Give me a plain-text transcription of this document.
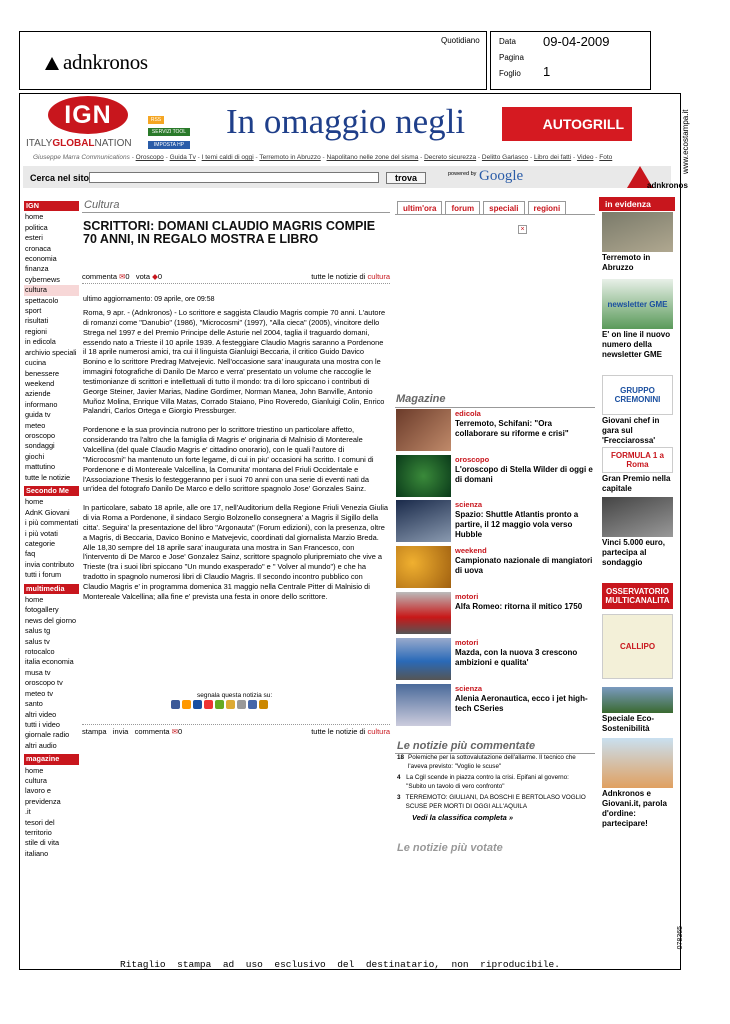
adnkronos
Quotidiano Data 09-04-2009
Pagina
Foglio 1
www.ecostampa.it
078365
Ritaglio stampa ad uso esclusivo del destinatario, non riproducibile.
IGN
ITALYGLOBALNATION
RSS
SERVIZI TOOL
IMPOSTA HP
In omaggio negli	AUTOGRILL
Giuseppe Marra Communications - Oroscopo - Guida Tv - I temi caldi di oggi - Terremoto in Abruzzo - Napolitano nelle zone del sisma - Decreto sicurezza - Delitto Garlasco - Libro dei fatti - Video - Foto
Cerca nel sito	trova	powered by Google
adnkronos
IGN
home
politica
esteri
cronaca
economia
finanza
cybernews
cultura
spettacolo
sport
risultati
regioni
in edicola
archivio speciali
cucina
benessere
weekend
aziende informano
guida tv
meteo
oroscopo
sondaggi
giochi
mattutino
tutte le notizie
Secondo Me
home
AdnK Giovani
i più commentati
i più votati
categorie
faq
invia contributo
tutti i forum
multimedia
home
fotogallery
news del giorno
salus tg
salus tv
rotocalco
italia economia
musa tv
oroscopo tv
meteo tv
santo
altri video
tutti i video
giornale radio
altri audio
magazine
home
cultura
lavoro e previdenza
.it
tesori del territorio
stile di vita
italiano
Cultura
SCRITTORI: DOMANI CLAUDIO MAGRIS COMPIE 70 ANNI, IN REGALO MOSTRA E LIBRO
commenta ✉0 vota ◆0	tutte le notizie di cultura
ultimo aggiornamento: 09 aprile, ore 09:58

Roma, 9 apr. - (Adnkronos) - Lo scrittore e saggista Claudio Magris compie 70 anni. L'autore di romanzi come "Danubio" (1986), "Microcosmi" (1997), "Alla cieca" (2005), vincitore dello Strega nel 1997 e del Premio Principe delle Asturie nel 2004, taglia il traguardo domani, essendo nato a Trieste il 10 aprile 1939. A festeggiare Claudio Magris saranno a Pordenone il 18 aprile numerosi amici, tra cui il linguista Gianluigi Beccaria, il critico Guido Davico Bonino e lo scrittore Predrag Matvejevic. Nell'occasione sara' inaugurata una mostra con le immagini fotografiche di Danilo De Marco e verra' presentato un volume che raccoglie le testimonianze di scrittori e intellettuali di tutto il mondo: tra di loro spiccano i contributi di George Steiner, Javier Marias, Nadine Gordimer, Norman Manea, John Banville, Antonio Muñoz Molina, Enrique Villa Matas, Corrado Staiano, Pino Roveredo, Gianluigi Colin, Enrico Palandri, Carlos Ortega e Giorgio Pressburger.

Pordenone e la sua provincia nutrono per lo scrittore triestino un particolare affetto, considerando tra l'altro che la famiglia di Magris e' originaria di Malnisio di Montereale Valcellina (del quale Claudio Magris e' cittadino onorario), con le quali l'autore di "Microcosmi" ha mantenuto un forte legame, di cui in piu' occasioni ha scritto. I comuni di Pordenone e di Montereale Valcellina, la Comunita' montana del Friuli Occidentale e l'Associazione Thesis lo festeggeranno per i suoi 70 anni con una serie di eventi nati da un'idea del fotografo Danilo De Marco e dello scrittore spagnolo Jose' Gonzales Sainz.

In particolare, sabato 18 aprile, alle ore 17, nell'Auditorium della Regione Friuli Venezia Giulia di via Roma a Pordenone, il sindaco Sergio Bolzonello consegnera' a Magris il Sigillo della citta'. Seguira' la presentazione del libro "Argonauta" (Forum edizioni), con la presenza, oltre a Magris, di Beccaria, Davico Bonino e Matvejevic, coordinati dal giornalista Marzio Breda. Alle 18,30 sempre del 18 aprile sara' inaugurata una mostra in San Francesco, con l'intervento di De Marco e Jose' Gonzalez Sainz, scrittore spagnolo pluripremiato che vive a Trieste (tra i suoi libri spiccano "Un mundo exasperado" e " Volver al mundo") e che ha tradotto in spagnolo numerosi libri di Claudio Magris. Il secondo incontro pubblico con Claudio Magris e' in programma domenica 31 maggio nella Centrale Pitter di Malnisio di Montereale Valcellina; alla fine e' prevista una festa in onore dello scrittore.

segnala questa notizia su:
stampa invia commenta ✉0	tutte le notizie di cultura
ultim'ora	forum	speciali	regioni
×
Magazine
edicola
Terremoto, Schifani: "Ora collaborare su riforme e crisi"
oroscopo
L'oroscopo di Stella Wilder di oggi e di domani
scienza
Spazio: Shuttle Atlantis pronto a partire, il 12 maggio vola verso Hubble
weekend
Campionato nazionale di mangiatori di uova
motori
Alfa Romeo: ritorna il mitico 1750
motori
Mazda, con la nuova 3 crescono ambizioni e qualita'
scienza
Alenia Aeronautica, ecco i jet high-tech CSeries
Le notizie più commentate
18 Polemiche per la sottovalutazione dell'allarme. Il tecnico che l'aveva previsto: "Voglio le scuse"
4 La Cgil scende in piazza contro la crisi. Epifani al governo: "Subito un tavolo di vero confronto"
3 TERREMOTO: GIULIANI, DA BOSCHI E BERTOLASO VOGLIO SCUSE PER MORTI DI OGGI ALL'AQUILA
Vedi la classifica completa »
Le notizie più votate
in evidenza
Terremoto in Abruzzo
newsletter GME
E' on line il nuovo numero della newsletter GME
GRUPPO CREMONINI
Giovani chef in gara sul 'Frecciarossa'
FORMULA 1 a Roma
Gran Premio nella capitale
Vinci 5.000 euro, partecipa al sondaggio
OSSERVATORIO MULTICANALITA
CALLIPO
Speciale Eco-Sostenibilità
Adnkronos e Giovani.it, parola d'ordine: partecipare!
